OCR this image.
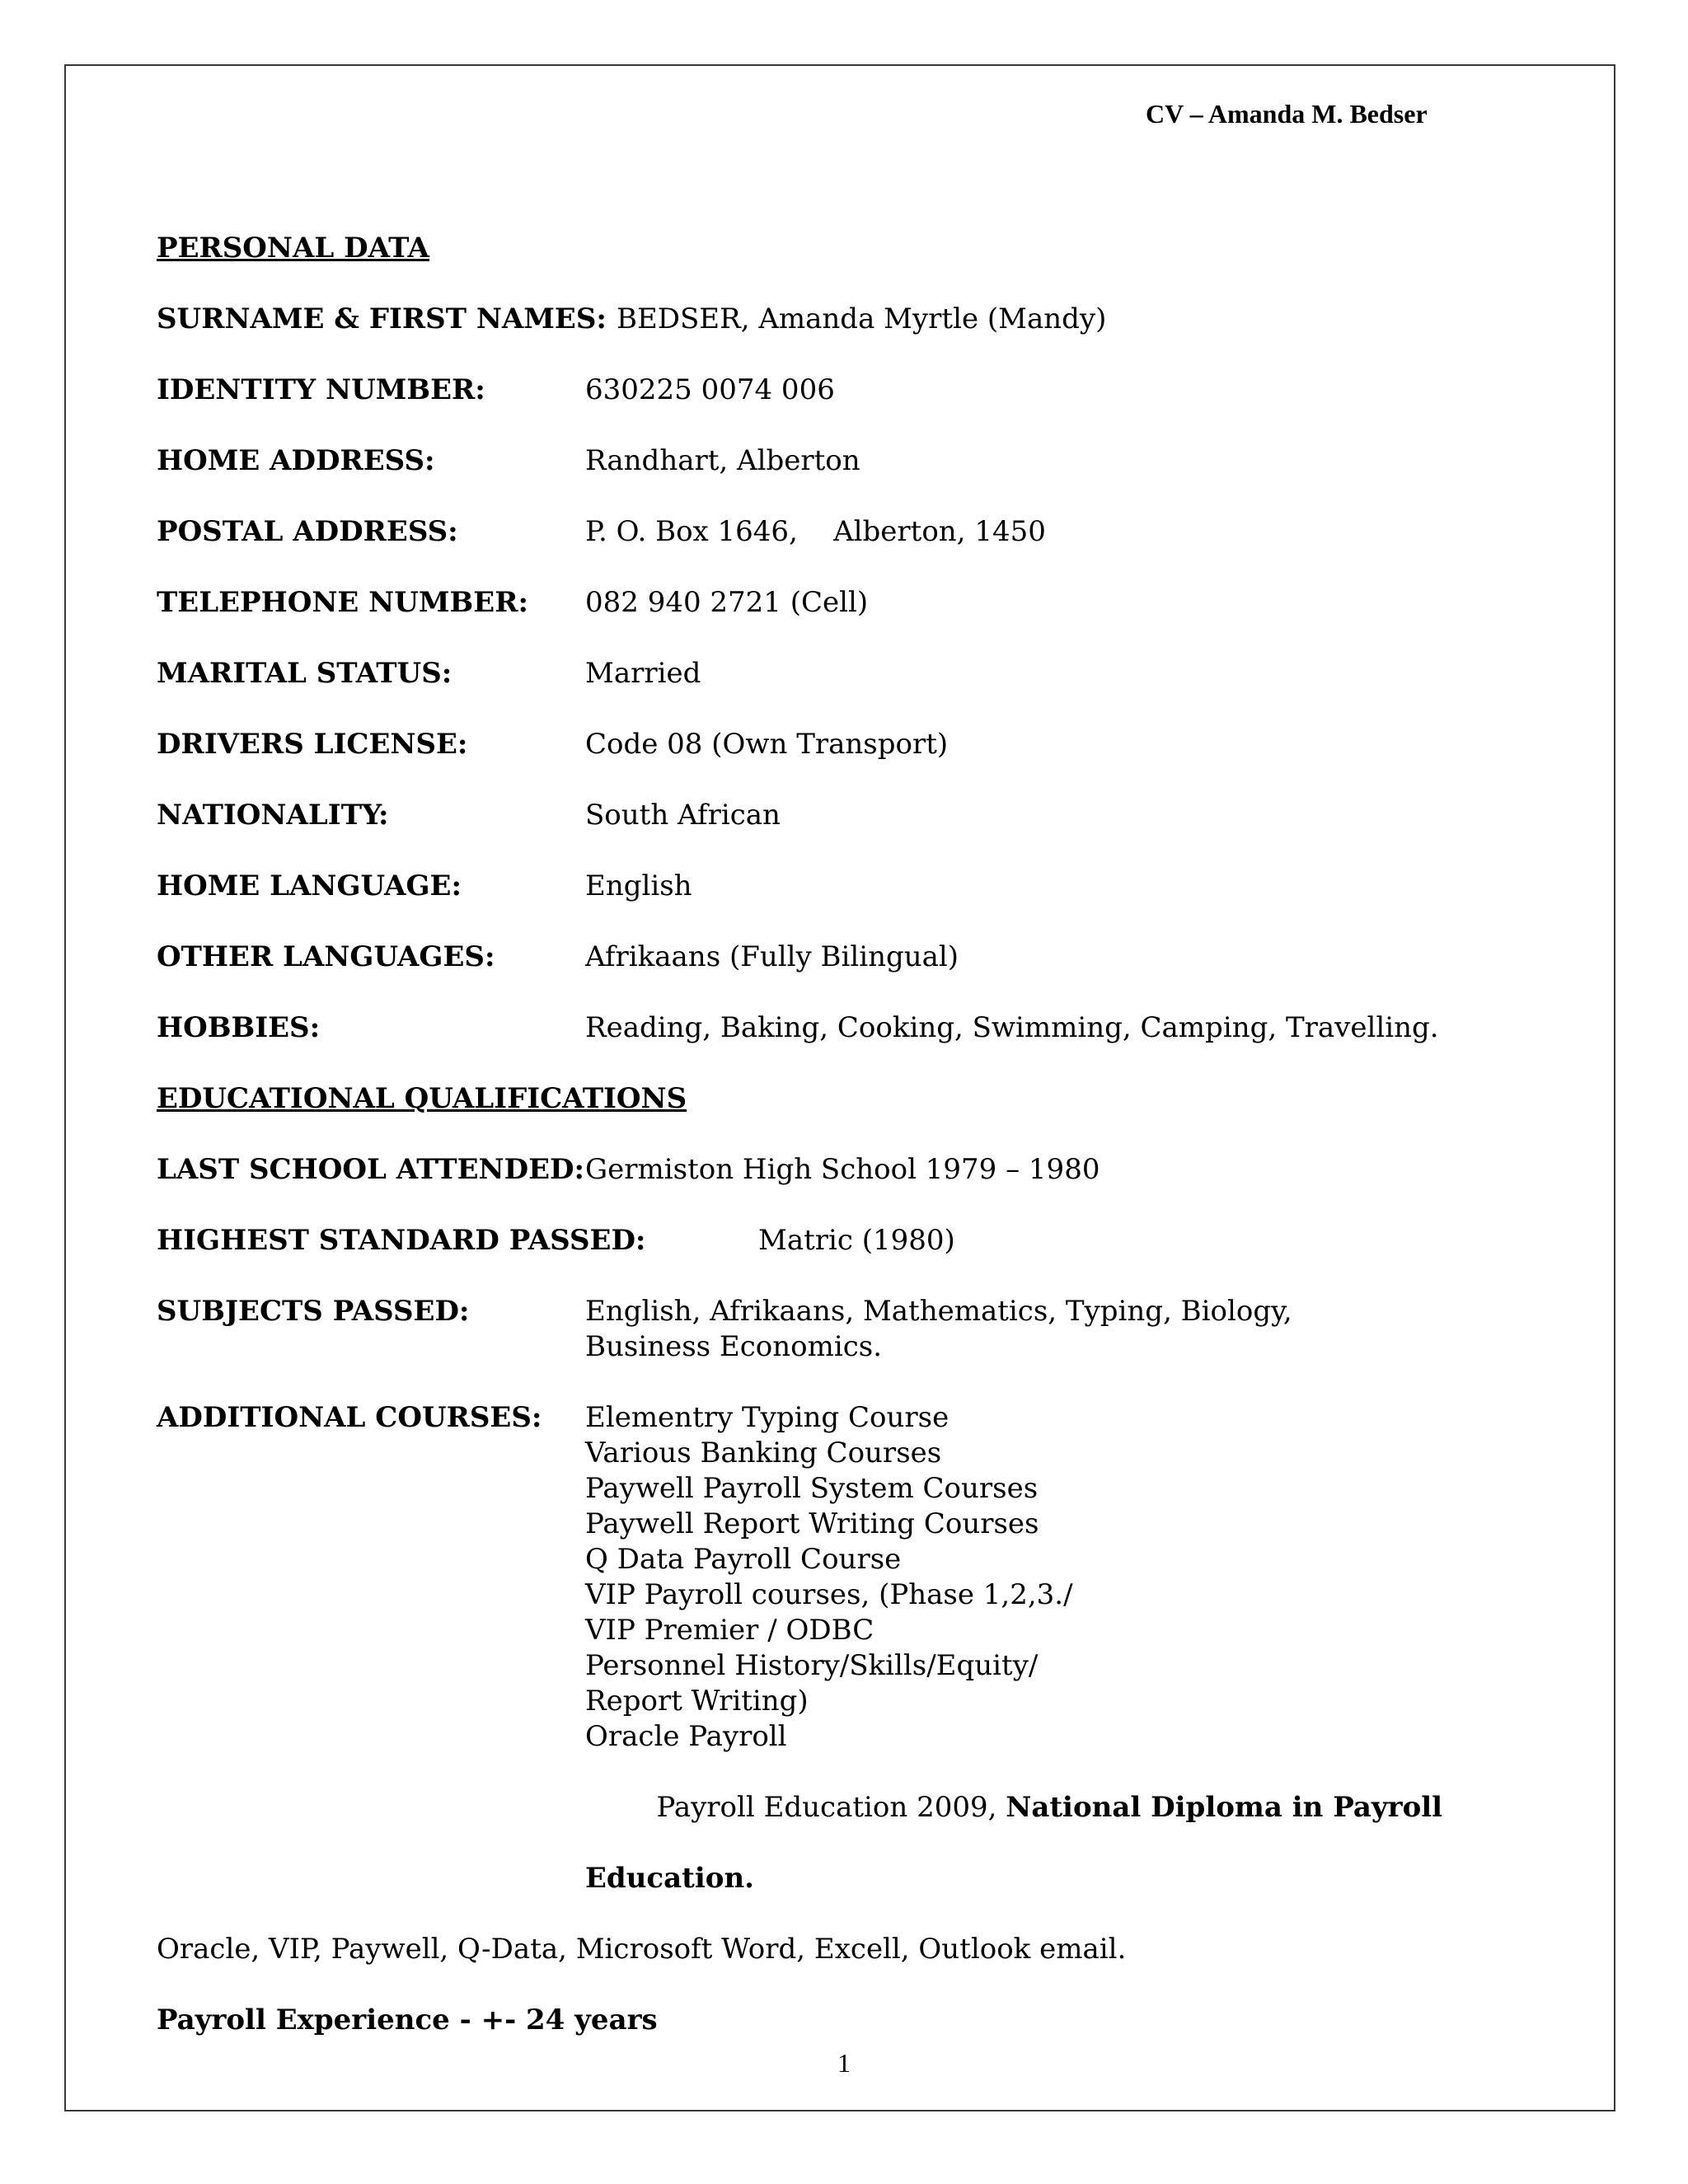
CV – Amanda M. Bedser
PERSONAL DATA
SURNAME & FIRST NAMES: BEDSER, Amanda Myrtle (Mandy)
IDENTITY NUMBER:	630225 0074 006
HOME ADDRESS:	Randhart, Alberton
POSTAL ADDRESS:	P. O. Box 1646,    Alberton, 1450
TELEPHONE NUMBER:	082 940 2721 (Cell)
MARITAL STATUS:	Married
DRIVERS LICENSE:	Code 08 (Own Transport)
NATIONALITY:	South African
HOME LANGUAGE:	English
OTHER LANGUAGES:	Afrikaans (Fully Bilingual)
HOBBIES:	Reading, Baking, Cooking, Swimming, Camping, Travelling.
EDUCATIONAL QUALIFICATIONS
LAST SCHOOL ATTENDED: Germiston High School 1979 – 1980
HIGHEST STANDARD PASSED:	Matric (1980)
SUBJECTS PASSED:	English, Afrikaans, Mathematics, Typing, Biology,
Business Economics.
ADDITIONAL COURSES:	Elementry Typing Course
Various Banking Courses
Paywell Payroll System Courses
Paywell Report Writing Courses
Q Data Payroll Course
VIP Payroll courses, (Phase 1,2,3./
VIP Premier / ODBC
Personnel History/Skills/Equity/
Report Writing)
Oracle Payroll

Payroll Education 2009, National Diploma in Payroll

Education.
Oracle, VIP, Paywell, Q-Data, Microsoft Word, Excell, Outlook email.
Payroll Experience - +- 24 years
1
